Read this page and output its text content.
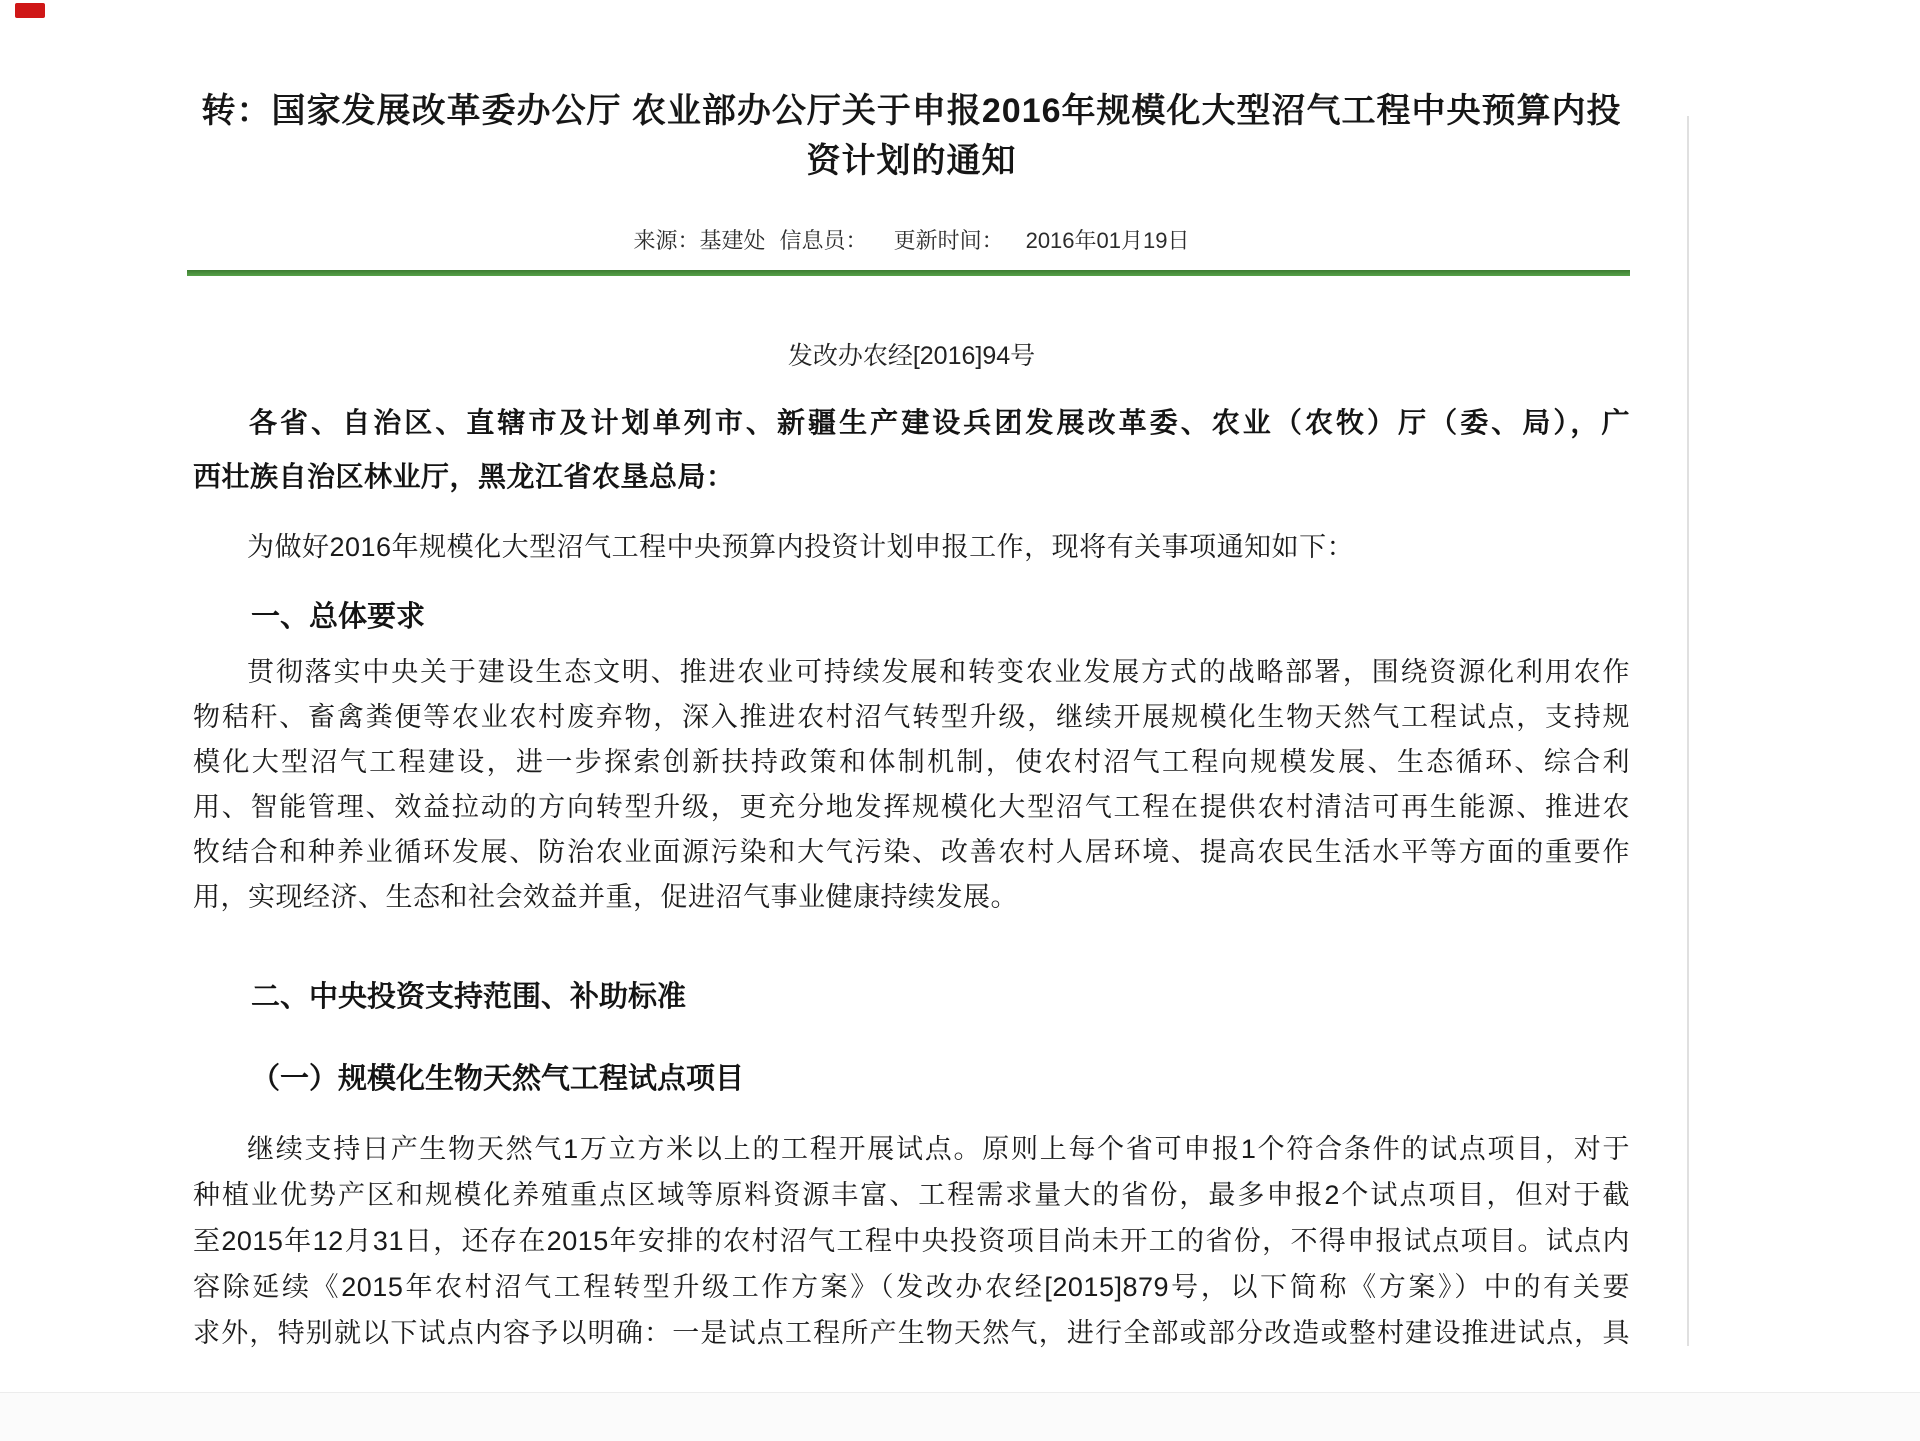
转：国家发展改革委办公厅 农业部办公厅关于申报2016年规模化大型沼气工程中央预算内投
资计划的通知
来源：基建处 信息员： 更新时间： 2016年01月19日
发改办农经[2016]94号
各省、自治区、直辖市及计划单列市、新疆生产建设兵团发展改革委、农业（农牧）厅（委、局），广
西壮族自治区林业厅，黑龙江省农垦总局：
为做好2016年规模化大型沼气工程中央预算内投资计划申报工作，现将有关事项通知如下：
一、总体要求
贯彻落实中央关于建设生态文明、推进农业可持续发展和转变农业发展方式的战略部署，围绕资源化利用农作
物秸秆、畜禽粪便等农业农村废弃物，深入推进农村沼气转型升级，继续开展规模化生物天然气工程试点，支持规
模化大型沼气工程建设，进一步探索创新扶持政策和体制机制，使农村沼气工程向规模发展、生态循环、综合利
用、智能管理、效益拉动的方向转型升级，更充分地发挥规模化大型沼气工程在提供农村清洁可再生能源、推进农
牧结合和种养业循环发展、防治农业面源污染和大气污染、改善农村人居环境、提高农民生活水平等方面的重要作
用，实现经济、生态和社会效益并重，促进沼气事业健康持续发展。
二、中央投资支持范围、补助标准
（一）规模化生物天然气工程试点项目
继续支持日产生物天然气1万立方米以上的工程开展试点。原则上每个省可申报1个符合条件的试点项目，对于
种植业优势产区和规模化养殖重点区域等原料资源丰富、工程需求量大的省份，最多申报2个试点项目，但对于截
至2015年12月31日，还存在2015年安排的农村沼气工程中央投资项目尚未开工的省份，不得申报试点项目。试点内
容除延续《2015年农村沼气工程转型升级工作方案》（发改办农经[2015]879号，以下简称《方案》）中的有关要
求外，特别就以下试点内容予以明确：一是试点工程所产生物天然气，进行全部或部分改造或整村建设推进试点，具
